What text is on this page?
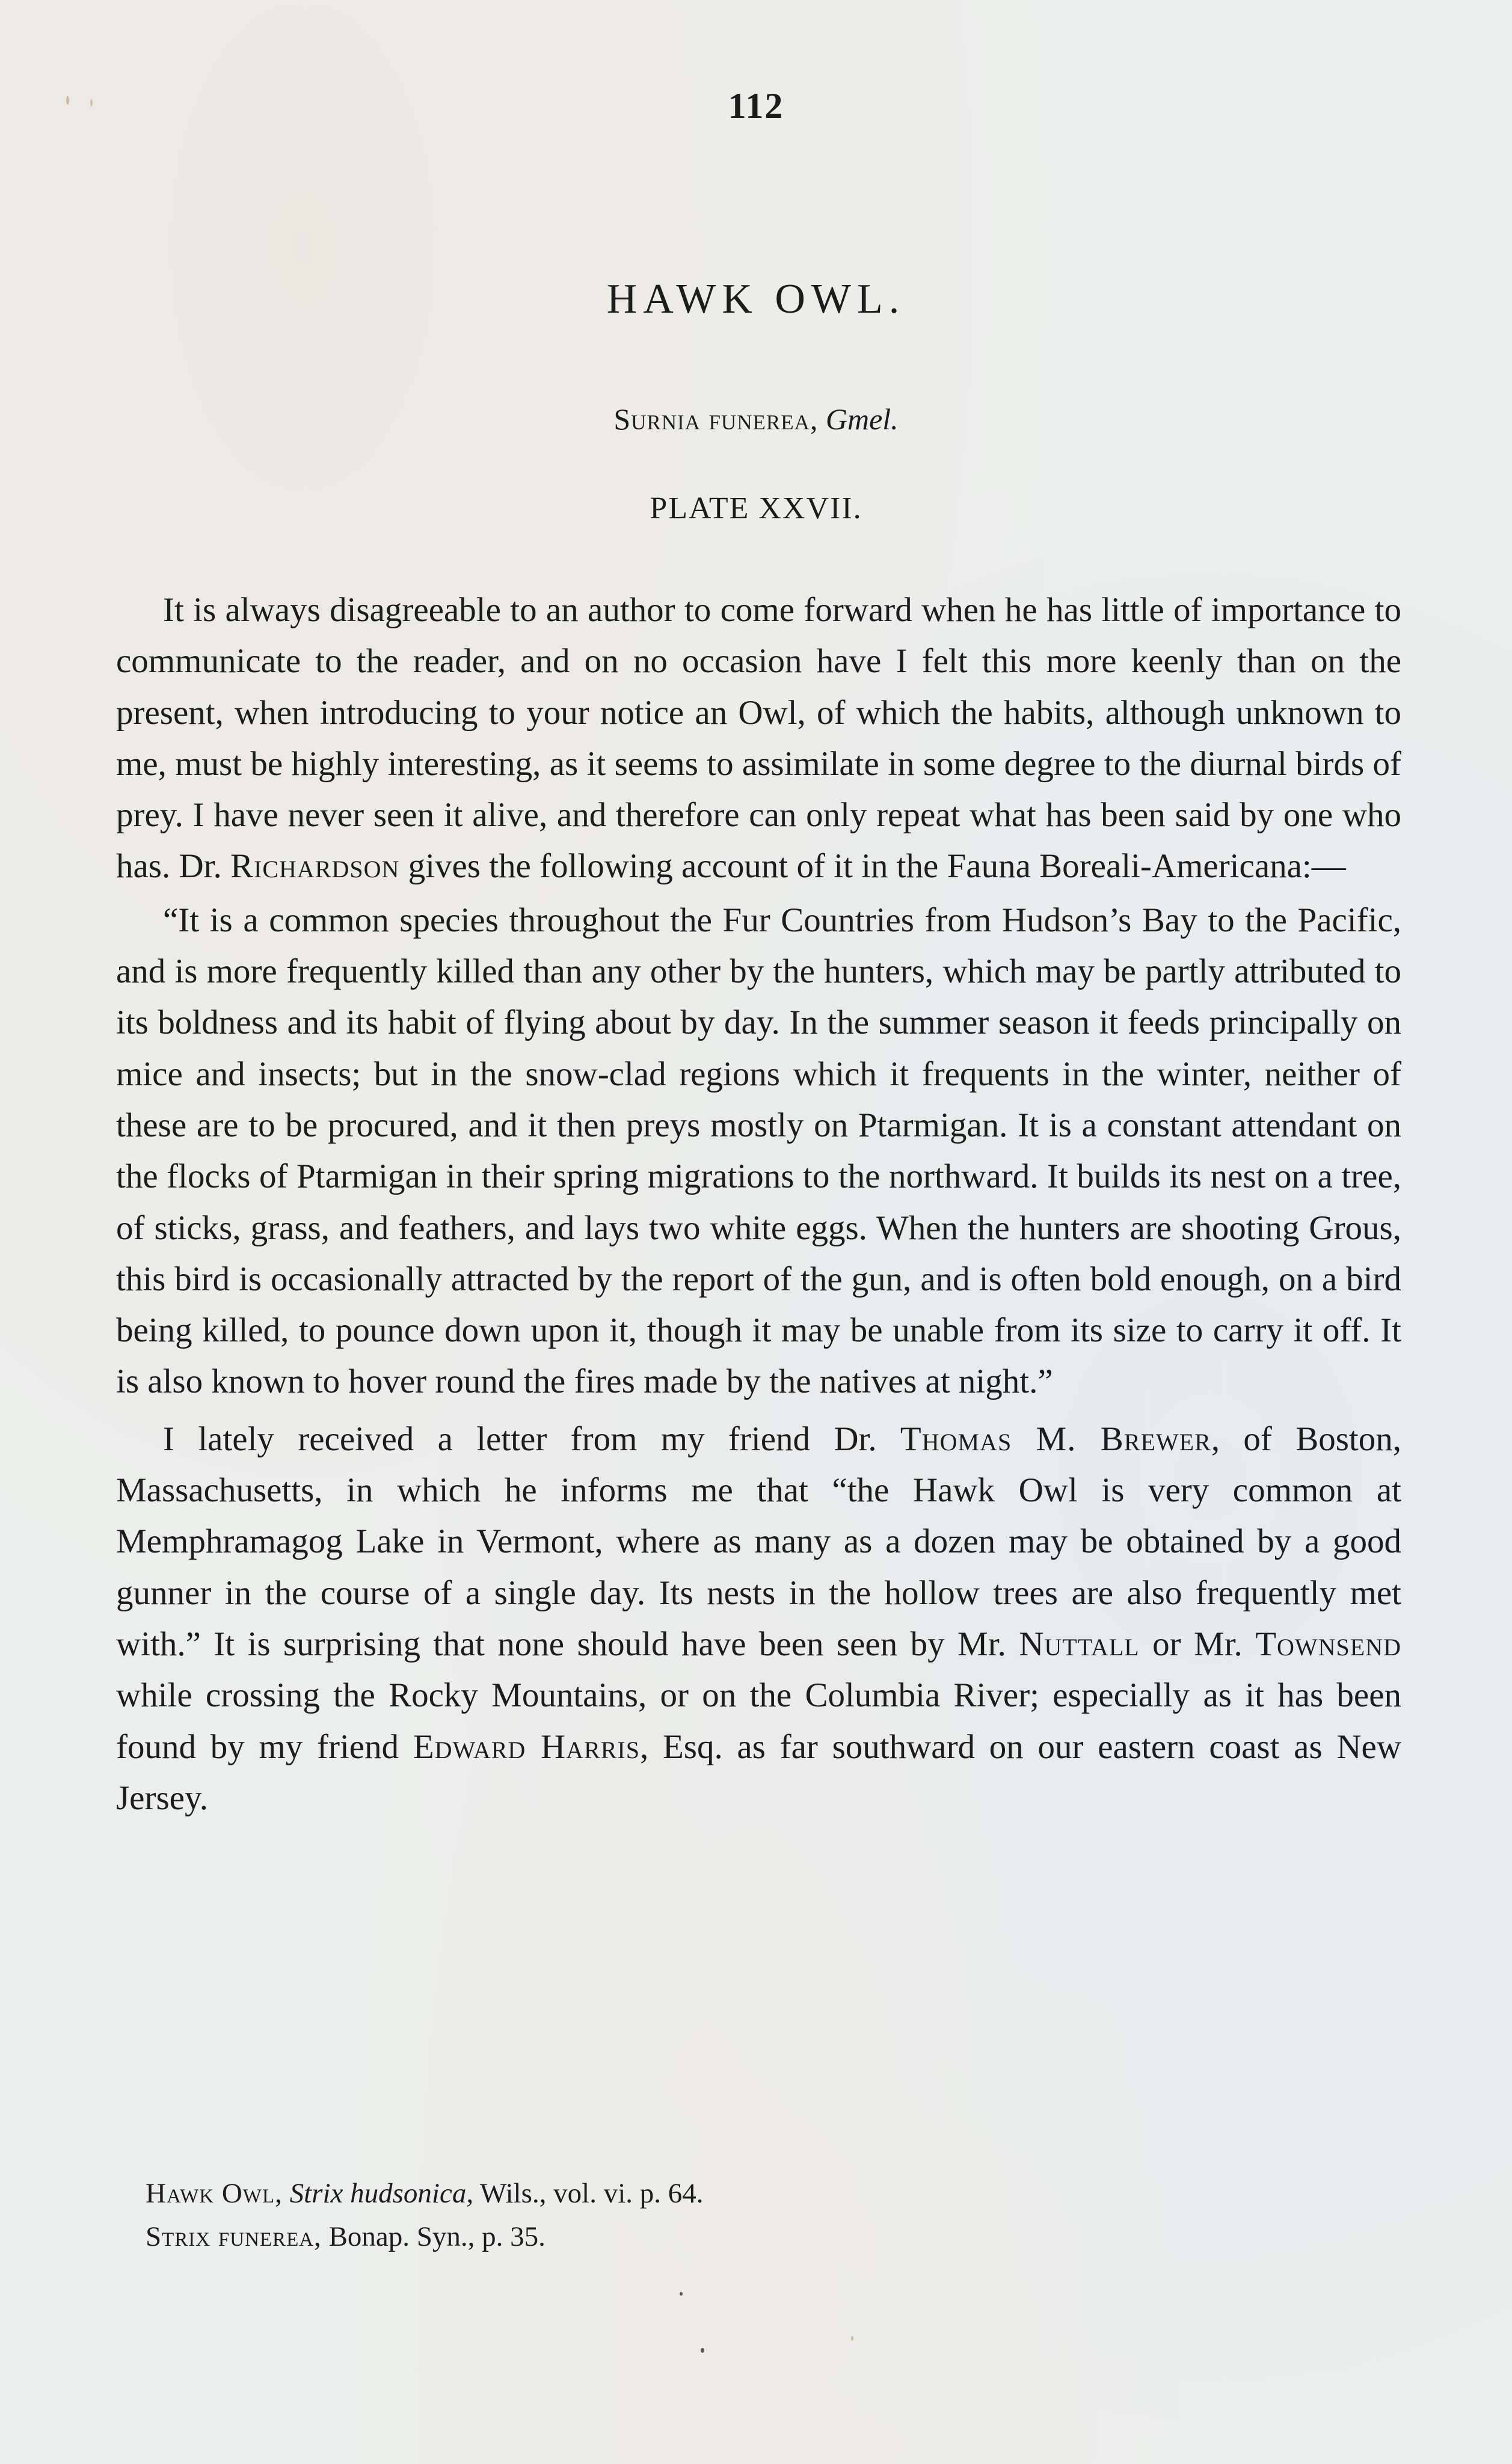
112
HAWK OWL.
Surnia funerea, Gmel.
PLATE XXVII.

It is always disagreeable to an author to come forward when he has little of importance to communicate to the reader, and on no occasion have I felt this more keenly than on the present, when introducing to your notice an Owl, of which the habits, although unknown to me, must be highly interesting, as it seems to assimilate in some degree to the diurnal birds of prey. I have never seen it alive, and therefore can only repeat what has been said by one who has. Dr. Richardson gives the following account of it in the Fauna Boreali-Americana:—

“It is a common species throughout the Fur Countries from Hudson’s Bay to the Pacific, and is more frequently killed than any other by the hunters, which may be partly attributed to its boldness and its habit of flying about by day. In the summer season it feeds principally on mice and insects; but in the snow-clad regions which it frequents in the winter, neither of these are to be procured, and it then preys mostly on Ptarmigan. It is a constant attendant on the flocks of Ptarmigan in their spring migrations to the northward. It builds its nest on a tree, of sticks, grass, and feathers, and lays two white eggs. When the hunters are shooting Grous, this bird is occasionally attracted by the report of the gun, and is often bold enough, on a bird being killed, to pounce down upon it, though it may be unable from its size to carry it off. It is also known to hover round the fires made by the natives at night.”

I lately received a letter from my friend Dr. Thomas M. Brewer, of Boston, Massachusetts, in which he informs me that “the Hawk Owl is very common at Memphramagog Lake in Vermont, where as many as a dozen may be obtained by a good gunner in the course of a single day. Its nests in the hollow trees are also frequently met with.” It is surprising that none should have been seen by Mr. Nuttall or Mr. Townsend while crossing the Rocky Mountains, or on the Columbia River; especially as it has been found by my friend Edward Harris, Esq. as far southward on our eastern coast as New Jersey.

Hawk Owl, Strix hudsonica, Wils., vol. vi. p. 64.
Strix funerea, Bonap. Syn., p. 35.
